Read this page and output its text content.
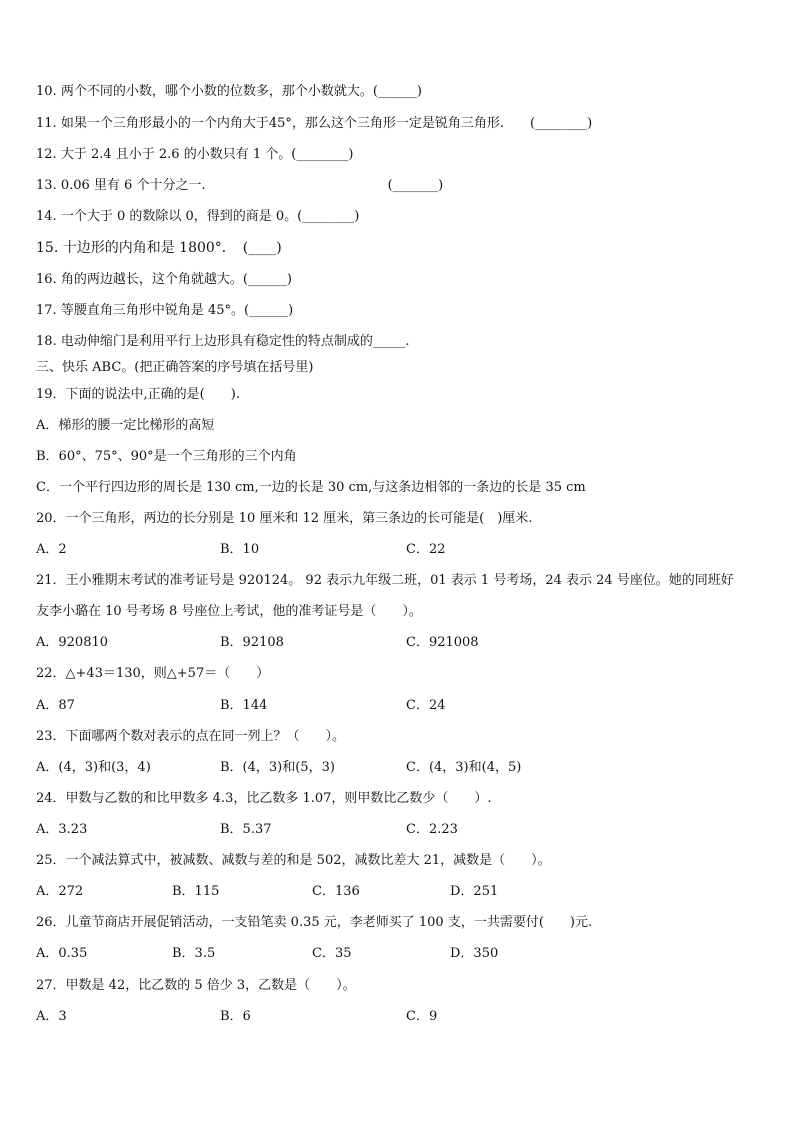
10. 两个不同的小数，哪个小数的位数多，那个小数就大。(______)
11. 如果一个三角形最小的一个内角大于45°，那么这个三角形一定是锐角三角形.　　(________)
12. 大于 2.4 且小于 2.6 的小数只有 1 个。(________)
13. 0.06 里有 6 个十分之一.　　　　　　　　　　　　　　(_______)
14. 一个大于 0 的数除以 0，得到的商是 0。(________)
15. 十边形的内角和是 1800°．　(____)
16. 角的两边越长，这个角就越大。(______)
17. 等腰直角三角形中锐角是 45°。(______)
18. 电动伸缩门是利用平行上边形具有稳定性的特点制成的_____.
三、快乐 ABC。(把正确答案的序号填在括号里)
19．下面的说法中,正确的是(　　).
A．梯形的腰一定比梯形的高短
B．60°、75°、90°是一个三角形的三个内角
C．一个平行四边形的周长是 130 cm,一边的长是 30 cm,与这条边相邻的一条边的长是 35 cm
20．一个三角形，两边的长分别是 10 厘米和 12 厘米，第三条边的长可能是(　)厘米.
A．2	B．10	C．22
21．王小雅期末考试的准考证号是 920124。 92 表示九年级二班，01 表示 1 号考场，24 表示 24 号座位。她的同班好
友李小璐在 10 号考场 8 号座位上考试，他的准考证号是（　　）。
A．920810	B．92108	C．921008
22．△+43＝130，则△+57＝（　　）
A．87	B．144	C．24
23．下面哪两个数对表示的点在同一列上？（　　）。
A．(4，3)和(3，4)	B．(4，3)和(5，3)	C．(4，3)和(4，5)
24．甲数与乙数的和比甲数多 4.3，比乙数多 1.07，则甲数比乙数少（　　）.
A．3.23	B．5.37	C．2.23
25．一个减法算式中，被减数、减数与差的和是 502，减数比差大 21，减数是（　　）。
A．272	B．115	C．136	D．251
26．儿童节商店开展促销活动，一支铅笔卖 0.35 元，李老师买了 100 支，一共需要付(　　)元.
A．0.35	B．3.5	C．35	D．350
27．甲数是 42，比乙数的 5 倍少 3，乙数是（　　）。
A．3	B．6	C．9
